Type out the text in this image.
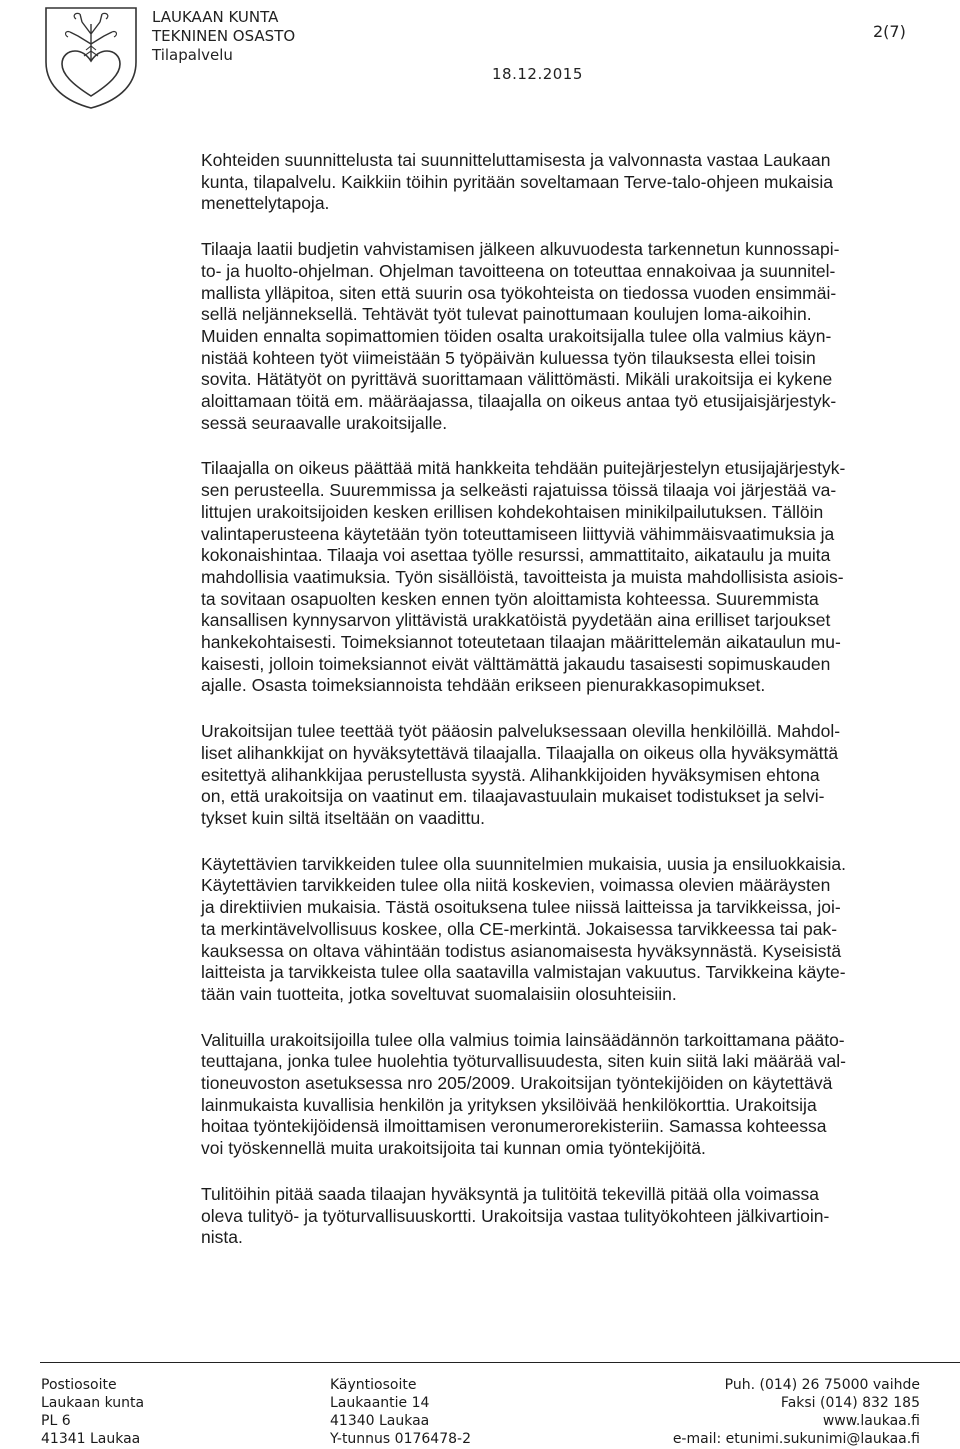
LAUKAAN KUNTA
TEKNINEN OSASTO
Tilapalvelu
18.12.2015
2(7)

Kohteiden suunnittelusta tai suunnitteluttamisesta ja valvonnasta vastaa Laukaan
kunta, tilapalvelu. Kaikkiin töihin pyritään soveltamaan Terve-talo-ohjeen mukaisia
menettelytapoja.

Tilaaja laatii budjetin vahvistamisen jälkeen alkuvuodesta tarkennetun kunnossapi-
to- ja huolto-ohjelman. Ohjelman tavoitteena on toteuttaa ennakoivaa ja suunnitel-
mallista ylläpitoa, siten että suurin osa työkohteista on tiedossa vuoden ensimmäi-
sellä neljänneksellä. Tehtävät työt tulevat painottumaan koulujen loma-aikoihin.
Muiden ennalta sopimattomien töiden osalta urakoitsijalla tulee olla valmius käyn-
nistää kohteen työt viimeistään 5 työpäivän kuluessa työn tilauksesta ellei toisin
sovita. Hätätyöt on pyrittävä suorittamaan välittömästi. Mikäli urakoitsija ei kykene
aloittamaan töitä em. määräajassa, tilaajalla on oikeus antaa työ etusijaisjärjestyk-
sessä seuraavalle urakoitsijalle.

Tilaajalla on oikeus päättää mitä hankkeita tehdään puitejärjestelyn etusijajärjestyk-
sen perusteella. Suuremmissa ja selkeästi rajatuissa töissä tilaaja voi järjestää va-
littujen urakoitsijoiden kesken erillisen kohdekohtaisen minikilpailutuksen. Tällöin
valintaperusteena käytetään työn toteuttamiseen liittyviä vähimmäisvaatimuksia ja
kokonaishintaa. Tilaaja voi asettaa työlle resurssi, ammattitaito, aikataulu ja muita
mahdollisia vaatimuksia. Työn sisällöistä, tavoitteista ja muista mahdollisista asiois-
ta sovitaan osapuolten kesken ennen työn aloittamista kohteessa. Suuremmista
kansallisen kynnysarvon ylittävistä urakkatöistä pyydetään aina erilliset tarjoukset
hankekohtaisesti. Toimeksiannot toteutetaan tilaajan määrittelemän aikataulun mu-
kaisesti, jolloin toimeksiannot eivät välttämättä jakaudu tasaisesti sopimuskauden
ajalle. Osasta toimeksiannoista tehdään erikseen pienurakkasopimukset.

Urakoitsijan tulee teettää työt pääosin palveluksessaan olevilla henkilöillä. Mahdol-
liset alihankkijat on hyväksytettävä tilaajalla. Tilaajalla on oikeus olla hyväksymättä
esitettyä alihankkijaa perustellusta syystä. Alihankkijoiden hyväksymisen ehtona
on, että urakoitsija on vaatinut em. tilaajavastuulain mukaiset todistukset ja selvi-
tykset kuin siltä itseltään on vaadittu.

Käytettävien tarvikkeiden tulee olla suunnitelmien mukaisia, uusia ja ensiluokkaisia.
Käytettävien tarvikkeiden tulee olla niitä koskevien, voimassa olevien määräysten
ja direktiivien mukaisia. Tästä osoituksena tulee niissä laitteissa ja tarvikkeissa, joi-
ta merkintävelvollisuus koskee, olla CE-merkintä. Jokaisessa tarvikkeessa tai pak-
kauksessa on oltava vähintään todistus asianomaisesta hyväksynnästä. Kyseisistä
laitteista ja tarvikkeista tulee olla saatavilla valmistajan vakuutus. Tarvikkeina käyte-
tään vain tuotteita, jotka soveltuvat suomalaisiin olosuhteisiin.

Valituilla urakoitsijoilla tulee olla valmius toimia lainsäädännön tarkoittamana pääto-
teuttajana, jonka tulee huolehtia työturvallisuudesta, siten kuin siitä laki määrää val-
tioneuvoston asetuksessa nro 205/2009. Urakoitsijan työntekijöiden on käytettävä
lainmukaista kuvallisia henkilön ja yrityksen yksilöivää henkilökorttia. Urakoitsija
hoitaa työntekijöidensä ilmoittamisen veronumerorekisteriin. Samassa kohteessa
voi työskennellä muita urakoitsijoita tai kunnan omia työntekijöitä.

Tulitöihin pitää saada tilaajan hyväksyntä ja tulitöitä tekevillä pitää olla voimassa
oleva tulityö- ja työturvallisuuskortti. Urakoitsija vastaa tulityökohteen jälkivartioin-
nista.

Postiosoite
Laukaan kunta
PL 6
41341 Laukaa
Käyntiosoite
Laukaantie 14
41340 Laukaa
Y-tunnus 0176478-2
Puh. (014) 26 75000 vaihde
Faksi (014) 832 185
www.laukaa.fi
e-mail: etunimi.sukunimi@laukaa.fi
